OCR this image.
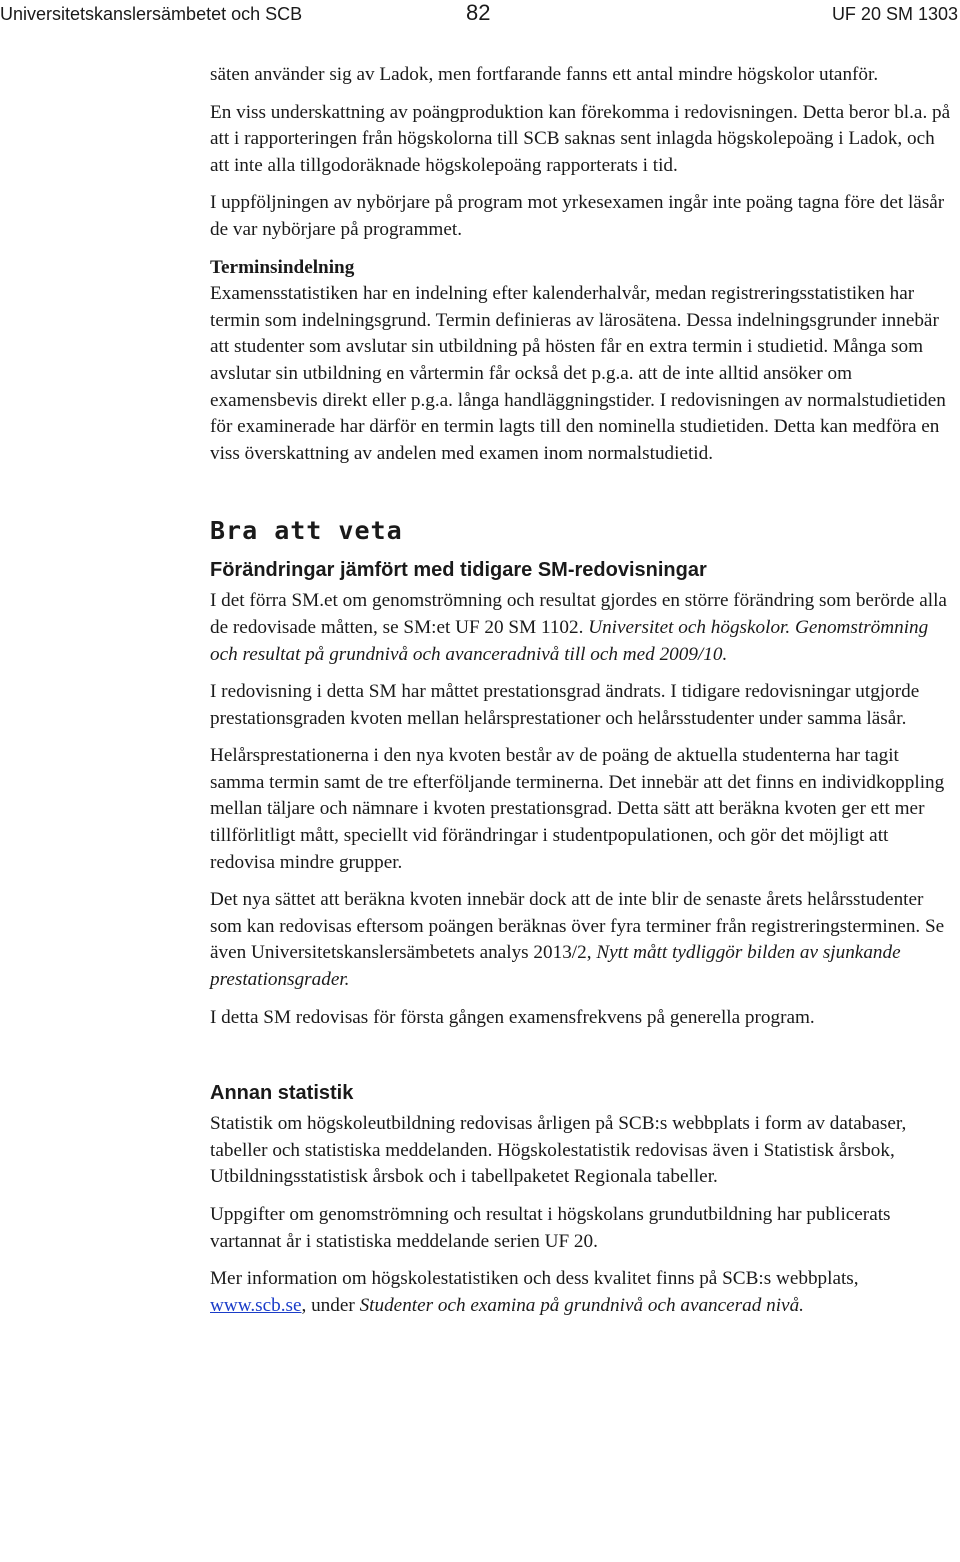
Universitetskanslersämbetet och SCB	82	UF 20 SM 1303

säten använder sig av Ladok, men fortfarande fanns ett antal mindre högskolor utanför.

En viss underskattning av poängproduktion kan förekomma i redovisningen. Detta beror bl.a. på att i rapporteringen från högskolorna till SCB saknas sent inlagda högskolepoäng i Ladok, och att inte alla tillgodoräknade högskolepoäng rapporterats i tid.

I uppföljningen av nybörjare på program mot yrkesexamen ingår inte poäng tagna före det läsår de var nybörjare på programmet.

Terminsindelning

Examensstatistiken har en indelning efter kalenderhalvår, medan registreringsstatistiken har termin som indelningsgrund. Termin definieras av lärosätena. Dessa indelningsgrunder innebär att studenter som avslutar sin utbildning på hösten får en extra termin i studietid. Många som avslutar sin utbildning en vårtermin får också det p.g.a. att de inte alltid ansöker om examensbevis direkt eller p.g.a. långa handläggningstider. I redovisningen av normalstudietiden för examinerade har därför en termin lagts till den nominella studietiden. Detta kan medföra en viss överskattning av andelen med examen inom normalstudietid.

Bra att veta
Förändringar jämfört med tidigare SM-redovisningar

I det förra SM.et om genomströmning och resultat gjordes en större förändring som berörde alla de redovisade måtten, se SM:et UF 20 SM 1102. Universitet och högskolor. Genomströmning och resultat på grundnivå och avanceradnivå till och med 2009/10.

I redovisning i detta SM har måttet prestationsgrad ändrats. I tidigare redovisningar utgjorde prestationsgraden kvoten mellan helårsprestationer och helårsstudenter under samma läsår.

Helårsprestationerna i den nya kvoten består av de poäng de aktuella studenterna har tagit samma termin samt de tre efterföljande terminerna. Det innebär att det finns en individkoppling mellan täljare och nämnare i kvoten prestationsgrad. Detta sätt att beräkna kvoten ger ett mer tillförlitligt mått, speciellt vid förändringar i studentpopulationen, och gör det möjligt att redovisa mindre grupper.

Det nya sättet att beräkna kvoten innebär dock att de inte blir de senaste årets helårsstudenter som kan redovisas eftersom poängen beräknas över fyra terminer från registreringsterminen. Se även Universitetskanslersämbetets analys 2013/2, Nytt mått tydliggör bilden av sjunkande prestationsgrader.

I detta SM redovisas för första gången examensfrekvens på generella program.

Annan statistik

Statistik om högskoleutbildning redovisas årligen på SCB:s webbplats i form av databaser, tabeller och statistiska meddelanden. Högskolestatistik redovisas även i Statistisk årsbok, Utbildningsstatistisk årsbok och i tabellpaketet Regionala tabeller.

Uppgifter om genomströmning och resultat i högskolans grundutbildning har publicerats vartannat år i statistiska meddelande serien UF 20.

Mer information om högskolestatistiken och dess kvalitet finns på SCB:s webbplats, www.scb.se, under Studenter och examina på grundnivå och avancerad nivå.
